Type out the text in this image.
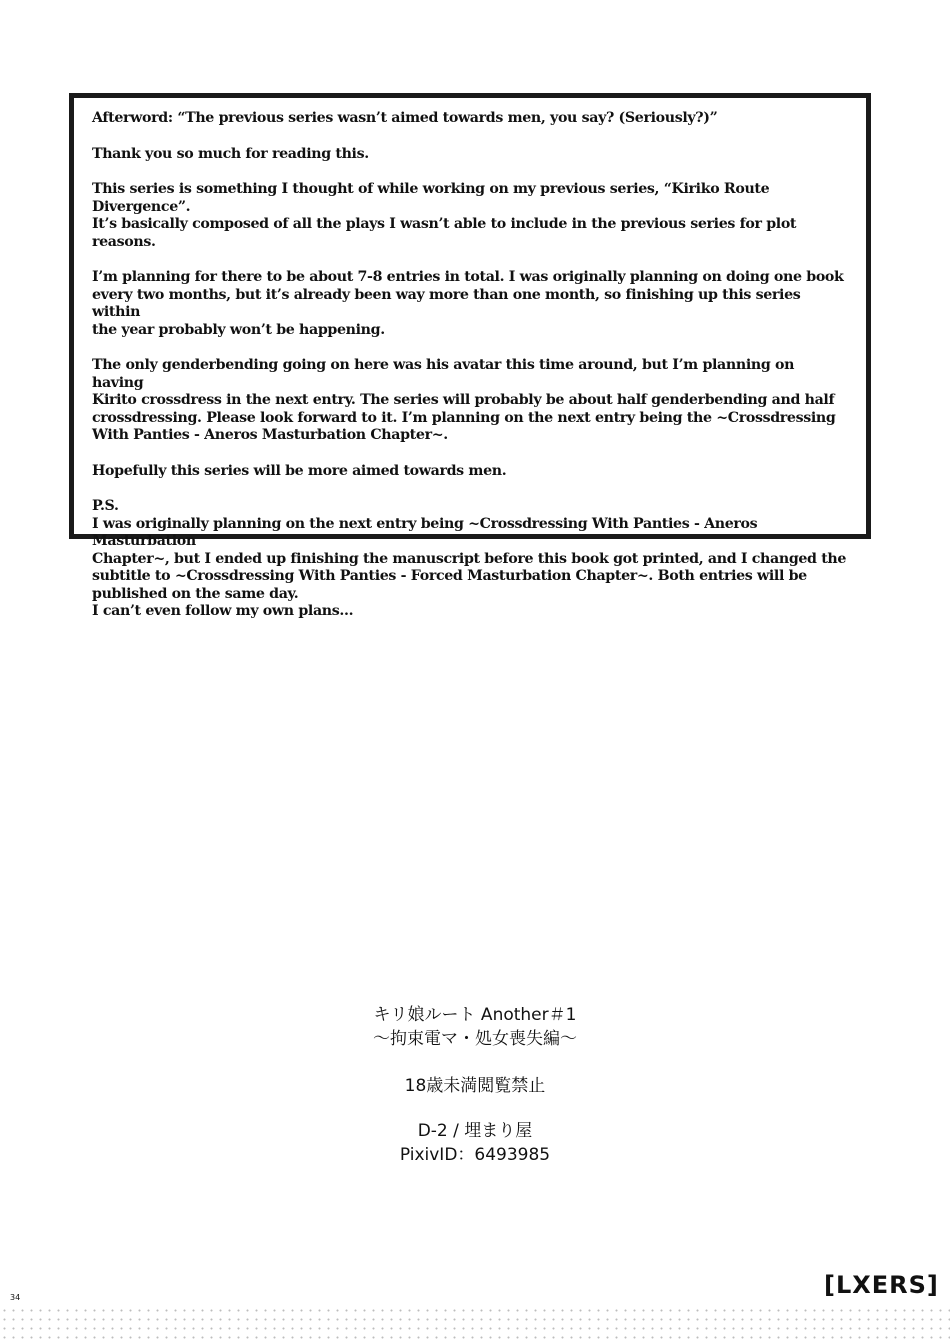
Afterword: “The previous series wasn’t aimed towards men, you say? (Seriously?)”

Thank you so much for reading this.

This series is something I thought of while working on my previous series, “Kiriko Route Divergence”.
It’s basically composed of all the plays I wasn’t able to include in the previous series for plot reasons.

I’m planning for there to be about 7-8 entries in total. I was originally planning on doing one book
every two months, but it’s already been way more than one month, so finishing up this series within
the year probably won’t be happening.

The only genderbending going on here was his avatar this time around, but I’m planning on having
Kirito crossdress in the next entry. The series will probably be about half genderbending and half
crossdressing. Please look forward to it. I’m planning on the next entry being the ~Crossdressing
With Panties - Aneros Masturbation Chapter~.

Hopefully this series will be more aimed towards men.

P.S.

I was originally planning on the next entry being ~Crossdressing With Panties - Aneros Masturbation
Chapter~, but I ended up finishing the manuscript before this book got printed, and I changed the
subtitle to ~Crossdressing With Panties - Forced Masturbation Chapter~. Both entries will be
published on the same day.
I can’t even follow my own plans...

キリ娘ルート Another＃1
〜拘束電マ・処女喪失編〜
18歳未満閲覧禁止
D-2 / 埋まり屋
PixivID：6493985
34	[LXERS]
